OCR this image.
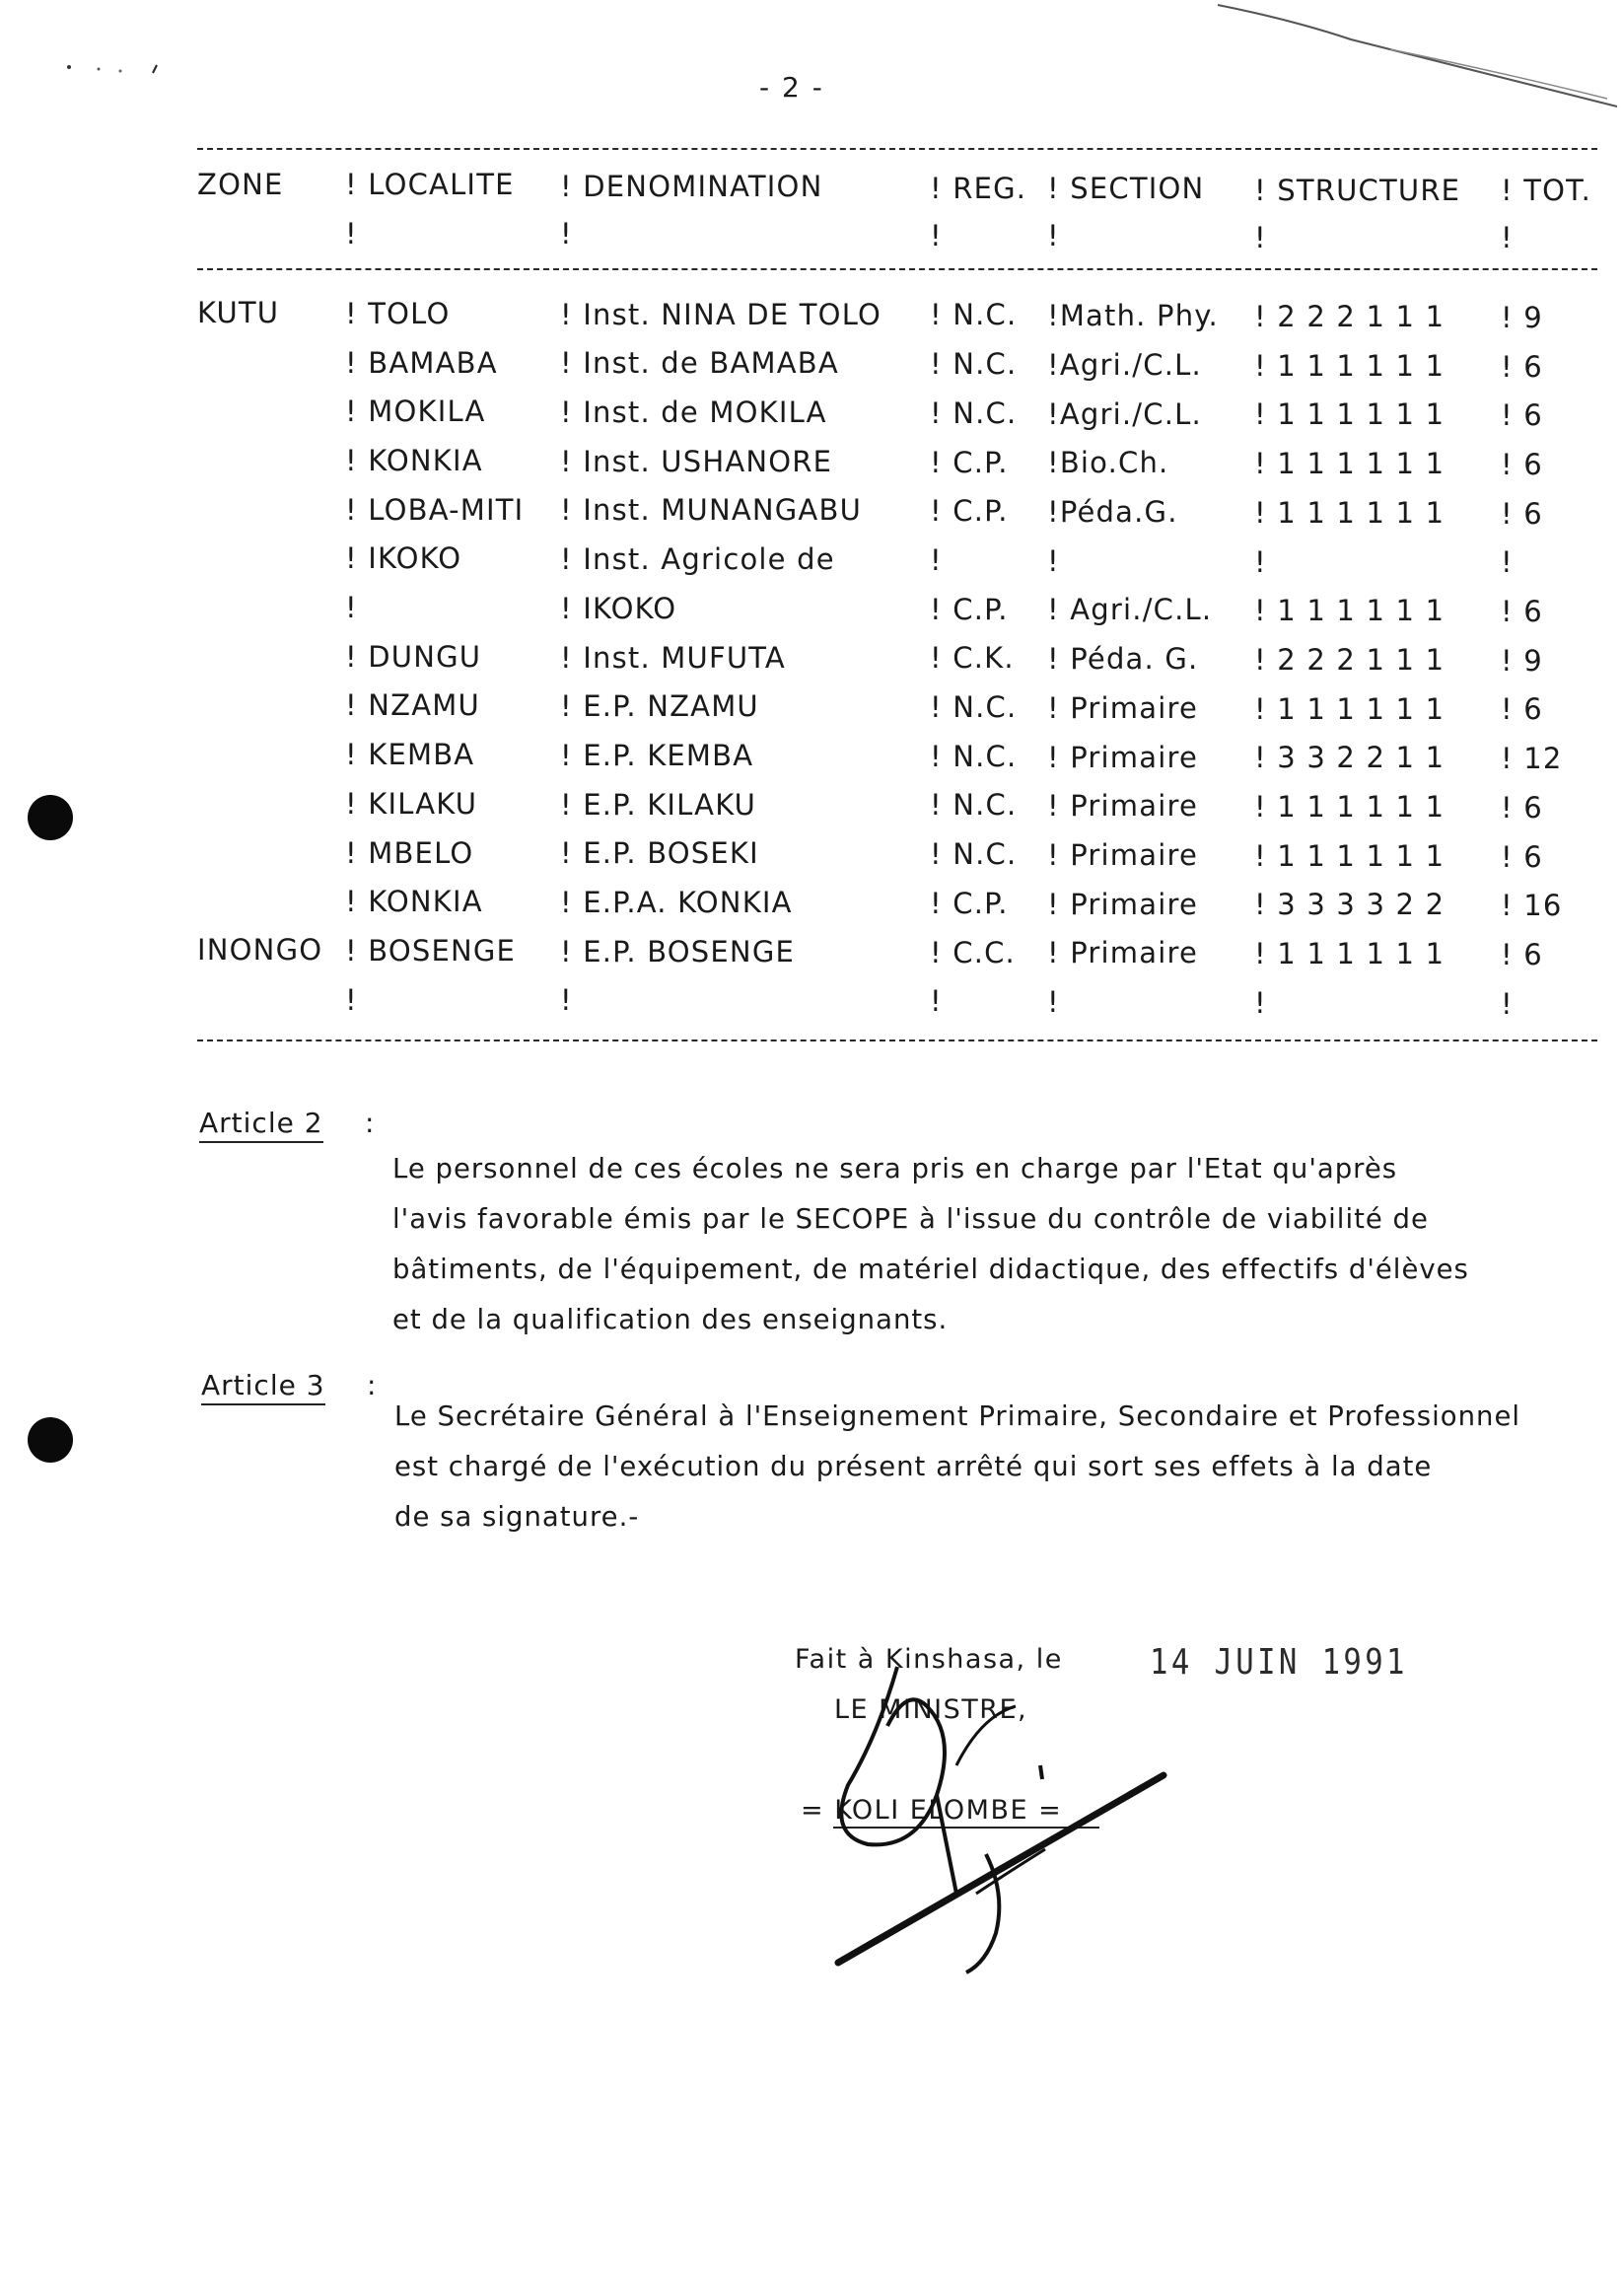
- 2 -
ZONE ! LOCALITE ! DENOMINATION	! REG. ! SECTION ! STRUCTURE ! TOT.
!	!	!	!	!	!
KUTU ! TOLO	! Inst. NINA DE TOLO ! N.C. !Math. Phy. ! 2 2 2 1 1 1 ! 9
! BAMABA ! Inst. de BAMABA	! N.C. !Agri./C.L. ! 1 1 1 1 1 1 ! 6
! MOKILA	! Inst. de MOKILA	! N.C. !Agri./C.L. ! 1 1 1 1 1 1 ! 6
! KONKIA	! Inst. USHANORE	! C.P. !Bio.Ch.	! 1 1 1 1 1 1 ! 6
! LOBA-MITI ! Inst. MUNANGABU ! C.P. !Péda.G.	! 1 1 1 1 1 1 ! 6
! IKOKO	! Inst. Agricole de	!	!	!	!
!	! IKOKO	! C.P. ! Agri./C.L. ! 1 1 1 1 1 1 ! 6
! DUNGU	! Inst. MUFUTA	! C.K. ! Péda. G. ! 2 2 2 1 1 1 ! 9
! NZAMU	! E.P. NZAMU	! N.C. ! Primaire ! 1 1 1 1 1 1 ! 6
! KEMBA	! E.P. KEMBA	! N.C. ! Primaire ! 3 3 2 2 1 1 ! 12
! KILAKU	! E.P. KILAKU	! N.C. ! Primaire ! 1 1 1 1 1 1 ! 6
! MBELO	! E.P. BOSEKI	! N.C. ! Primaire ! 1 1 1 1 1 1 ! 6
! KONKIA	! E.P.A. KONKIA	! C.P. ! Primaire ! 3 3 3 3 2 2 ! 16
INONGO ! BOSENGE ! E.P. BOSENGE	! C.C. ! Primaire ! 1 1 1 1 1 1 ! 6
!	!	!	!	!	!
Article 2 :
Le personnel de ces écoles ne sera pris en charge par l'Etat qu'après
l'avis favorable émis par le SECOPE à l'issue du contrôle de viabilité de
bâtiments, de l'équipement, de matériel didactique, des effectifs d'élèves
et de la qualification des enseignants.
Article 3 :
Le Secrétaire Général à l'Enseignement Primaire, Secondaire et Professionnel
est chargé de l'exécution du présent arrêté qui sort ses effets à la date
de sa signature.-
Fait à Kinshasa, le 14 JUIN 1991
LE MINISTRE,
= KOLI ELOMBE =
